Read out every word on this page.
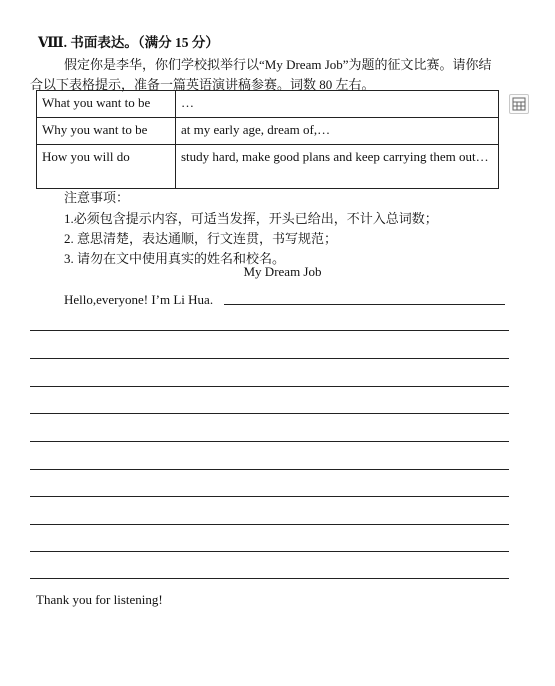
Ⅷ. 书面表达。（满分 15 分）
假定你是李华，你们学校拟举行以“My Dream Job”为题的征文比赛。请你结
合以下表格提示，准备一篇英语演讲稿参赛。词数 80 左右。
What you want to be	…
Why you want to be	at my early age, dream of,…
How you will do	study hard, make good plans and keep carrying them out…
注意事项：
1.必须包含提示内容，可适当发挥，开头已给出，不计入总词数；
2. 意思清楚，表达通顺，行文连贯，书写规范；
3. 请勿在文中使用真实的姓名和校名。
My Dream Job
Hello,everyone! I’m Li Hua.
Thank you for listening!
